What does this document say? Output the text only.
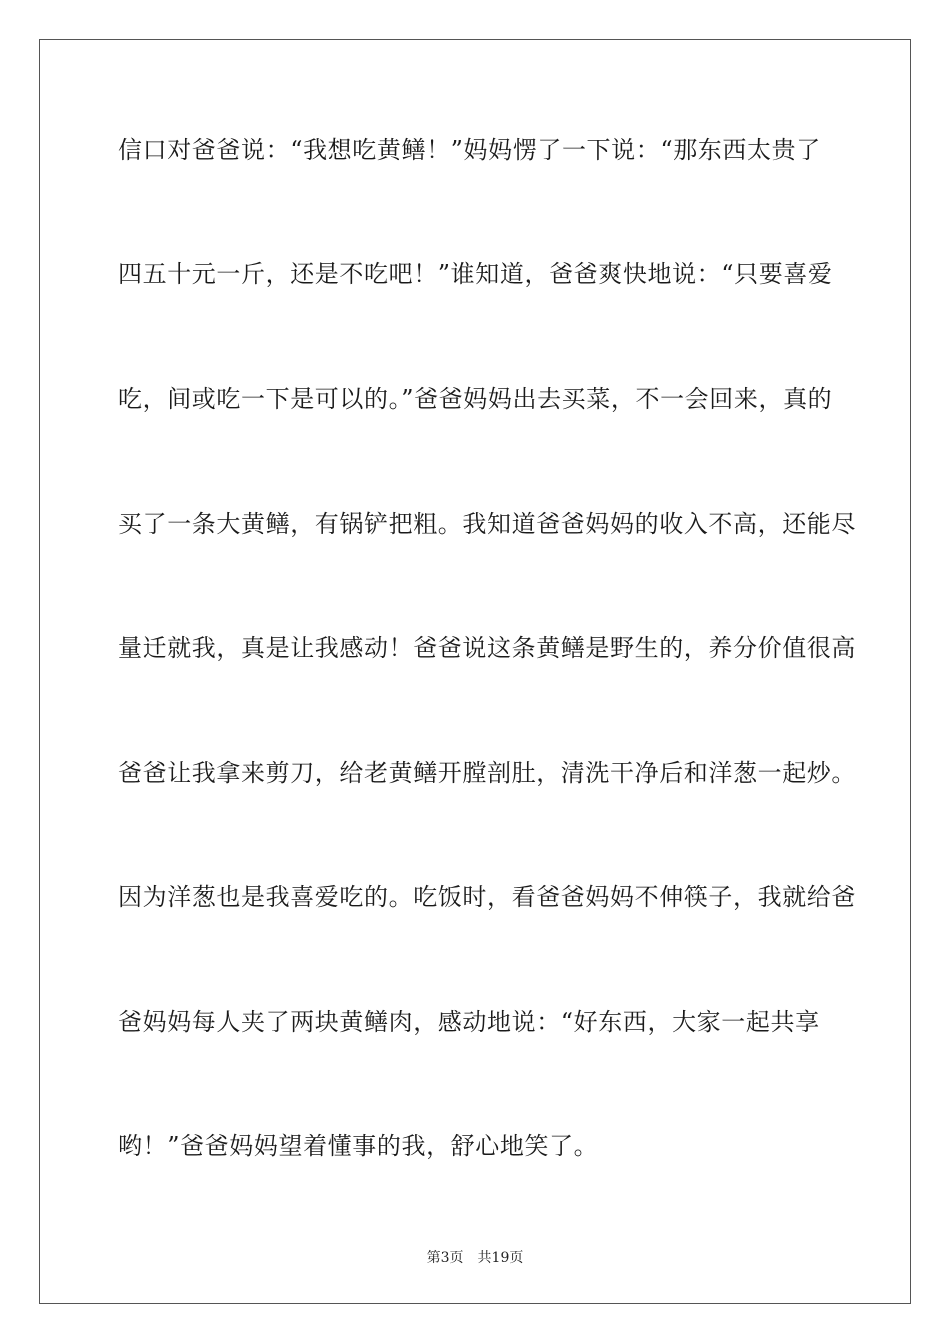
信口对爸爸说：“我想吃黄鳝！”妈妈愣了一下说：“那东西太贵了
四五十元一斤，还是不吃吧！”谁知道，爸爸爽快地说：“只要喜爱
吃，间或吃一下是可以的。”爸爸妈妈出去买菜，不一会回来，真的
买了一条大黄鳝，有锅铲把粗。我知道爸爸妈妈的收入不高，还能尽
量迁就我，真是让我感动！爸爸说这条黄鳝是野生的，养分价值很高
爸爸让我拿来剪刀，给老黄鳝开膛剖肚，清洗干净后和洋葱一起炒。
因为洋葱也是我喜爱吃的。吃饭时，看爸爸妈妈不伸筷子，我就给爸
爸妈妈每人夹了两块黄鳝肉，感动地说：“好东西，大家一起共享
哟！”爸爸妈妈望着懂事的我，舒心地笑了。
第3页 共19页
